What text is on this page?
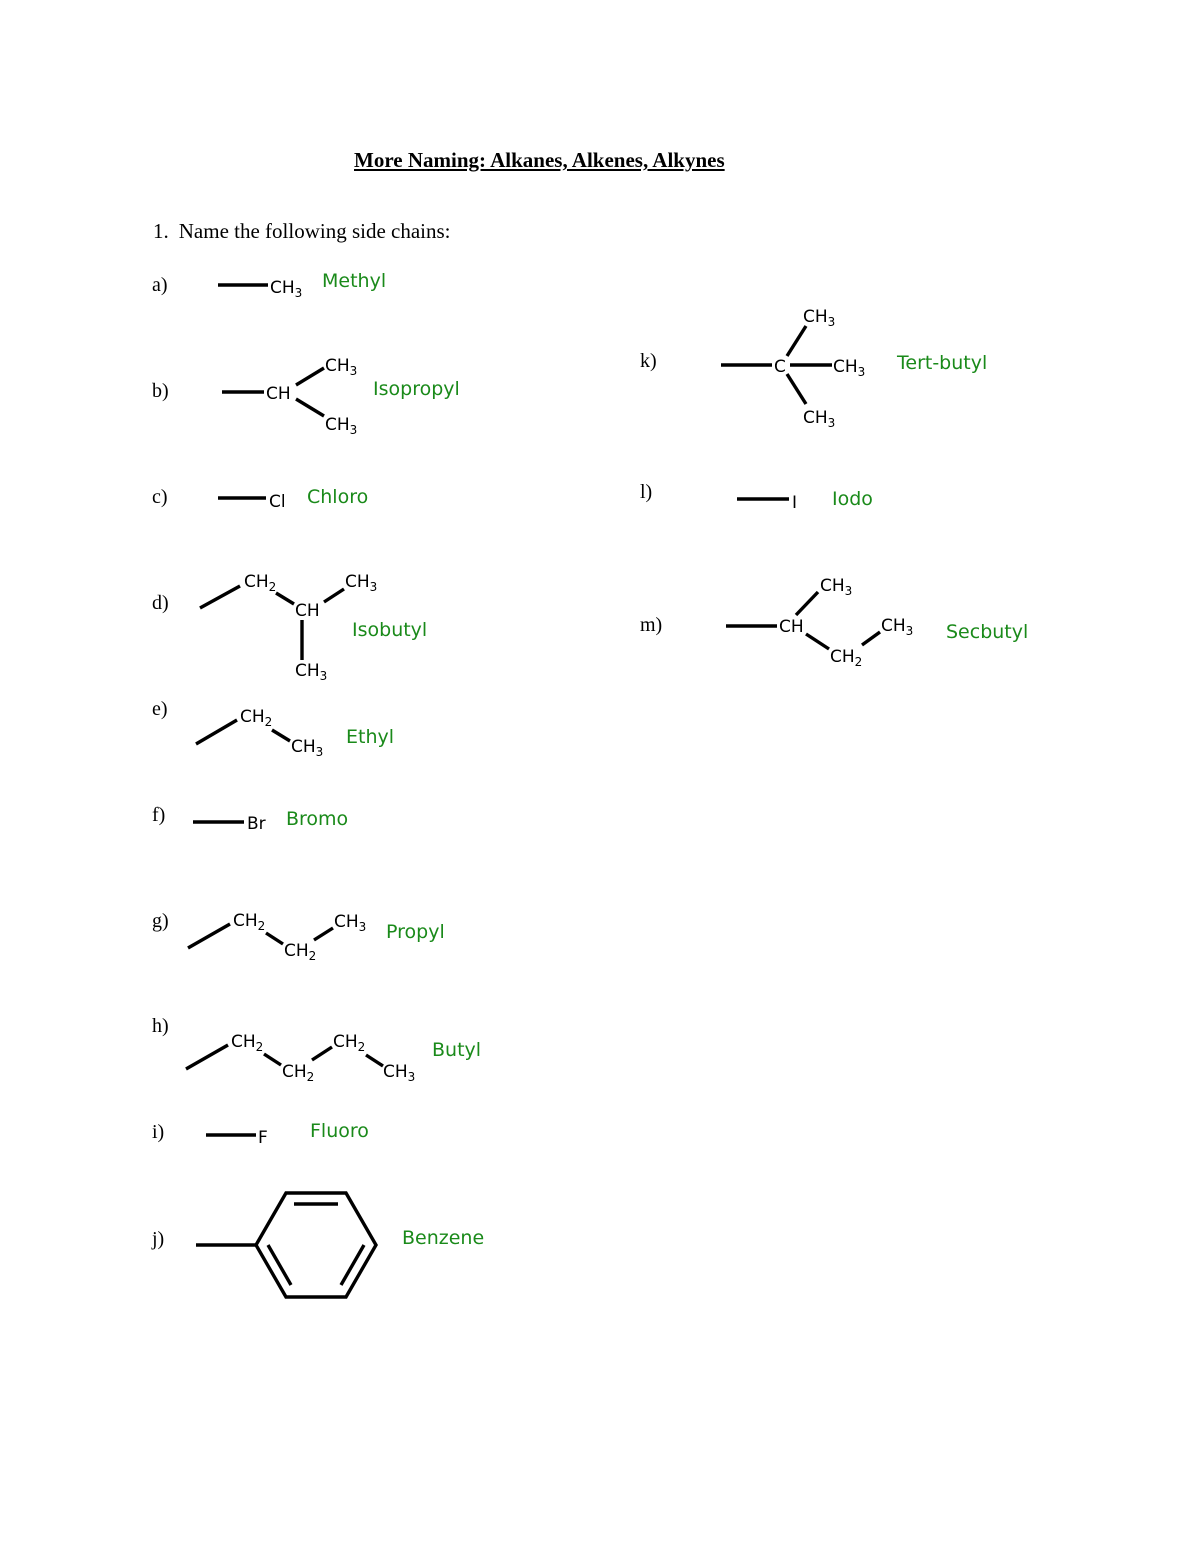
More Naming: Alkanes, Alkenes, Alkynes
1. Name the following side chains:
a)
b)
c)
d)
e)
f)
g)
h)
i)
j)
k)
l)
m)
Methyl
Isopropyl
Chloro
Isobutyl
Ethyl
Bromo
Propyl
Butyl
Fluoro
Benzene
Tert-butyl
Iodo
Secbutyl
$CH_3$
CH
$CH_3$
$CH_3$
Cl
$CH_2$
CH
$CH_3$
$CH_3$
$CH_2$
$CH_3$
Br
$CH_2$
$CH_2$
$CH_3$
$CH_2$
$CH_2$
$CH_2$
$CH_3$
F
C
$CH_3$
$CH_3$
$CH_3$
I
CH
$CH_3$
$CH_2$
$CH_3$
